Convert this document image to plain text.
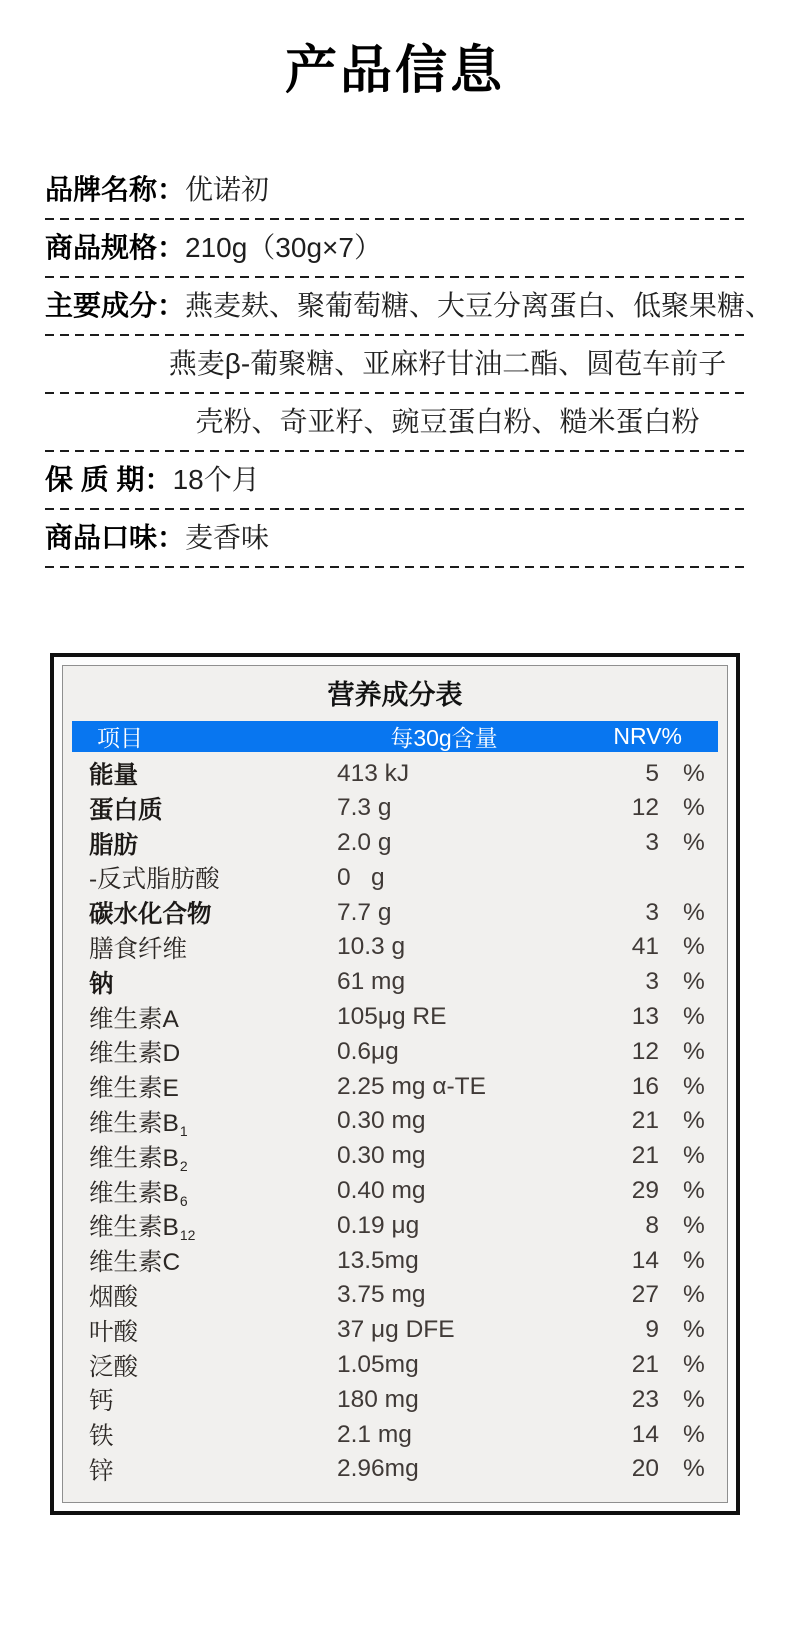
产品信息
品牌名称： 优诺初
商品规格： 210g（30g×7）
主要成分： 燕麦麸、聚葡萄糖、大豆分离蛋白、低聚果糖、
燕麦β-葡聚糖、亚麻籽甘油二酯、圆苞车前子
壳粉、奇亚籽、豌豆蛋白粉、糙米蛋白粉
保 质 期： 18个月
商品口味： 麦香味
营养成分表
项目	每30g含量	NRV%
能量	413 kJ	5 %
蛋白质	7.3 g	12 %
脂肪	2.0 g	3 %
-反式脂肪酸	0   g
碳水化合物	7.7 g	3 %
膳食纤维	10.3 g	41 %
钠	61 mg	3 %
维生素A	105μg RE	13 %
维生素D	0.6μg	12 %
维生素E	2.25 mg α-TE	16 %
维生素$B_1$	0.30 mg	21 %
维生素$B_2$	0.30 mg	21 %
维生素$B_6$	0.40 mg	29 %
维生素$B_{12}$	0.19 μg	8 %
维生素C	13.5mg	14 %
烟酸	3.75 mg	27 %
叶酸	37 μg DFE	9 %
泛酸	1.05mg	21 %
钙	180 mg	23 %
铁	2.1 mg	14 %
锌	2.96mg	20 %
